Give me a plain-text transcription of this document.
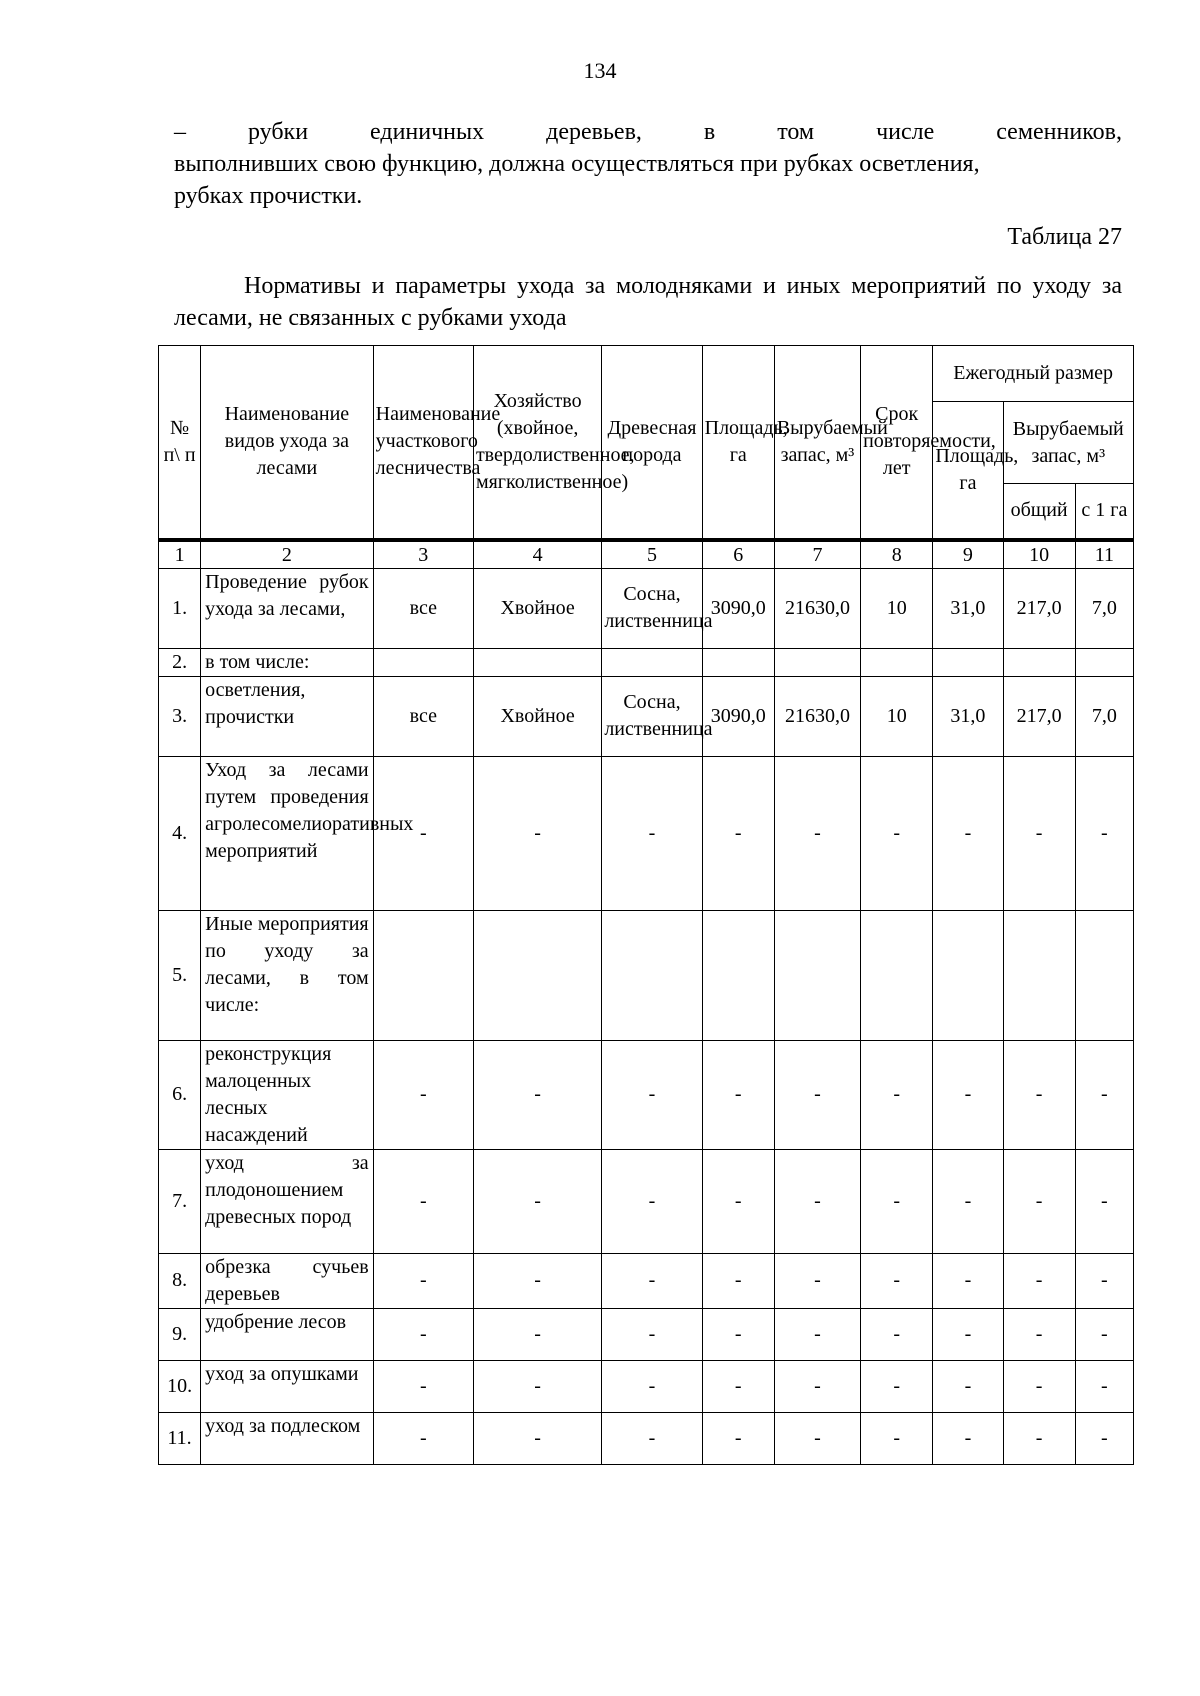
134
–	рубки	единичных	деревьев,	в	том	числе	семенников,
выполнивших свою функцию, должна осуществляться при рубках осветления,
рубках прочистки.
Таблица 27
Нормативы и параметры ухода за молодняками и иных мероприятий по уходу за лесами, не связанных с рубками ухода
№ п\ п	Наименование видов ухода за лесами	Наименование участкового лесничества	Хозяйство (хвойное, твердолиственное, мягколиственное)	Древесная порода	Площадь, га	Вырубаемый запас, м³	Срок повторяемости, лет	Ежегодный размер		
								Площадь, га	Вырубаемый запас, м³	
									общий	с 1 га
1	2	3	4	5	6	7	8	9	10	11
1.	Проведение рубок ухода за лесами,	все	Хвойное	Сосна, лиственница	3090,0	21630,0	10	31,0	217,0	7,0
2.	в том числе:									
3.	осветления, прочистки	все	Хвойное	Сосна, лиственница	3090,0	21630,0	10	31,0	217,0	7,0
4.	Уход за лесами путем проведения агролесомелиоративных мероприятий	-	-	-	-	-	-	-	-	-
5.	Иные мероприятия по уходу за лесами, в том числе:									
6.	реконструкция малоценных лесных насаждений	-	-	-	-	-	-	-	-	-
7.	уход за плодоношением древесных пород	-	-	-	-	-	-	-	-	-
8.	обрезка сучьев деревьев	-	-	-	-	-	-	-	-	-
9.	удобрение лесов	-	-	-	-	-	-	-	-	-
10.	уход за опушками	-	-	-	-	-	-	-	-	-
11.	уход за подлеском	-	-	-	-	-	-	-	-	-
